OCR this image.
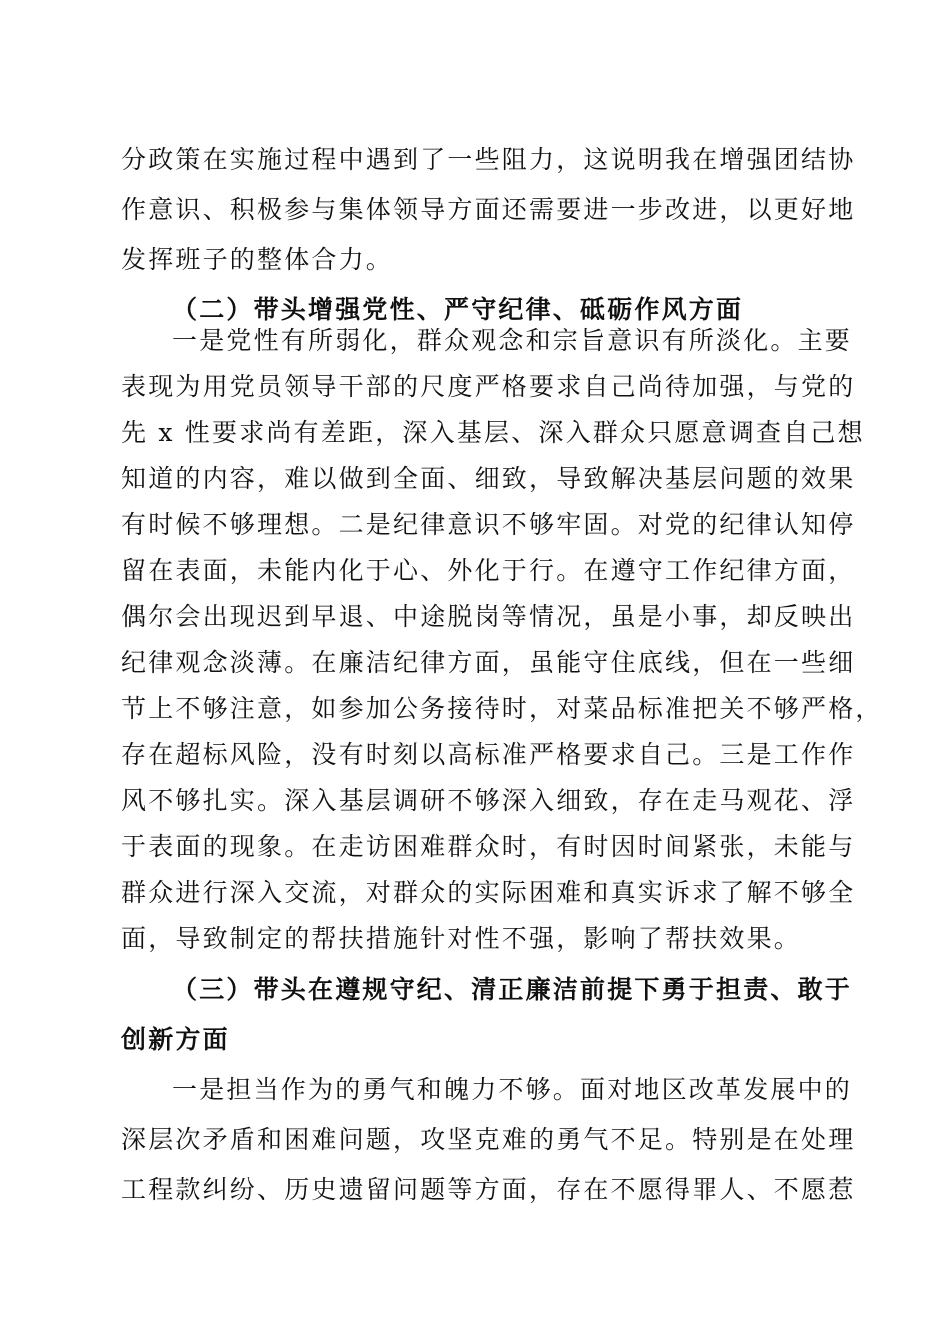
分政策在实施过程中遇到了一些阻力，这说明我在增强团结协
作意识、积极参与集体领导方面还需要进一步改进，以更好地
发挥班子的整体合力。
（二）带头增强党性、严守纪律、砥砺作风方面
一是党性有所弱化，群众观念和宗旨意识有所淡化。主要
表现为用党员领导干部的尺度严格要求自己尚待加强，与党的
先 x 性要求尚有差距，深入基层、深入群众只愿意调查自己想
知道的内容，难以做到全面、细致，导致解决基层问题的效果
有时候不够理想。二是纪律意识不够牢固。对党的纪律认知停
留在表面，未能内化于心、外化于行。在遵守工作纪律方面，
偶尔会出现迟到早退、中途脱岗等情况，虽是小事，却反映出
纪律观念淡薄。在廉洁纪律方面，虽能守住底线，但在一些细
节上不够注意，如参加公务接待时，对菜品标准把关不够严格，
存在超标风险，没有时刻以高标准严格要求自己。三是工作作
风不够扎实。深入基层调研不够深入细致，存在走马观花、浮
于表面的现象。在走访困难群众时，有时因时间紧张，未能与
群众进行深入交流，对群众的实际困难和真实诉求了解不够全
面，导致制定的帮扶措施针对性不强，影响了帮扶效果。
（三）带头在遵规守纪、清正廉洁前提下勇于担责、敢于
创新方面
一是担当作为的勇气和魄力不够。面对地区改革发展中的
深层次矛盾和困难问题，攻坚克难的勇气不足。特别是在处理
工程款纠纷、历史遗留问题等方面，存在不愿得罪人、不愿惹
